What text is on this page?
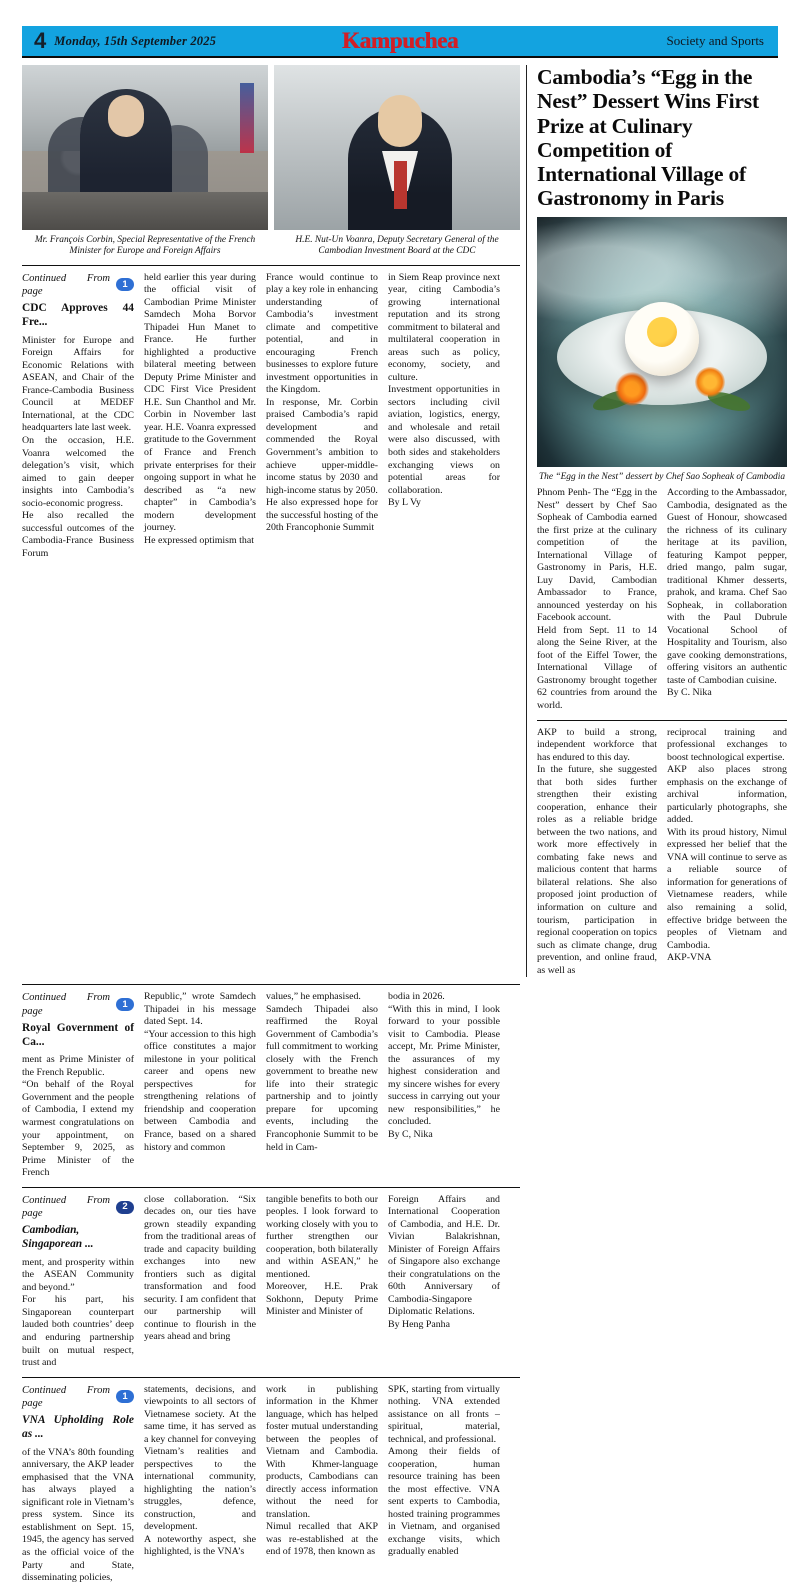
4 Monday, 15th September 2025	Kampuchea	Society and Sports
Mr. François Corbin, Special Representative of the French Minister for Europe and Foreign Affairs
H.E. Nut-Un Voanra, Deputy Secretary General of the Cambodian Investment Board at the CDC
Continued From page
1
CDC Approves 44 Fre...

Minister for Europe and Foreign Affairs for Economic Relations with ASEAN, and Chair of the France-Cambodia Business Council at MEDEF International, at the CDC headquarters late last week.
On the occasion, H.E. Voanra welcomed the delegation’s visit, which aimed to gain deeper insights into Cambodia’s socio-economic progress.
He also recalled the successful outcomes of the Cambodia-France Business Forum

held earlier this year during the official visit of Cambodian Prime Minister Samdech Moha Borvor Thipadei Hun Manet to France. He further highlighted a productive bilateral meeting between Deputy Prime Minister and CDC First Vice President H.E. Sun Chanthol and Mr. Corbin in November last year. H.E. Voanra expressed gratitude to the Government of France and French private enterprises for their ongoing support in what he described as “a new chapter” in Cambodia’s modern development journey.
He expressed optimism that

France would continue to play a key role in enhancing understanding of Cambodia’s investment climate and competitive potential, and in encouraging French businesses to explore future investment opportunities in the Kingdom.
In response, Mr. Corbin praised Cambodia’s rapid development and commended the Royal Government’s ambition to achieve upper-middle-income status by 2030 and high-income status by 2050.
He also expressed hope for the successful hosting of the 20th Francophonie Summit

in Siem Reap province next year, citing Cambodia’s growing international reputation and its strong commitment to bilateral and multilateral cooperation in areas such as policy, economy, society, and culture.
Investment opportunities in sectors including civil aviation, logistics, energy, and wholesale and retail were also discussed, with both sides and stakeholders exchanging views on potential areas for collaboration.
By L Vy

Cambodia’s “Egg in the Nest” Dessert Wins First Prize at Culinary Competition of International Village of Gastronomy in Paris
The “Egg in the Nest” dessert by Chef Sao Sopheak of Cambodia

Phnom Penh- The “Egg in the Nest” dessert by Chef Sao Sopheak of Cambodia earned the first prize at the culinary competition of the International Village of Gastronomy in Paris, H.E. Luy David, Cambodian Ambassador to France, announced yesterday on his Facebook account.
Held from Sept. 11 to 14 along the Seine River, at the foot of the Eiffel Tower, the International Village of Gastronomy brought together 62 countries from around the world.

According to the Ambassador, Cambodia, designated as the Guest of Honour, showcased the richness of its culinary heritage at its pavilion, featuring Kampot pepper, dried mango, palm sugar, traditional Khmer desserts, prahok, and krama. Chef Sao Sopheak, in collaboration with the Paul Dubrule Vocational School of Hospitality and Tourism, also gave cooking demonstrations, offering visitors an authentic taste of Cambodian cuisine.
By C. Nika

AKP to build a strong, independent workforce that has endured to this day.
In the future, she suggested that both sides further strengthen their existing cooperation, enhance their roles as a reliable bridge between the two nations, and work more effectively in combating fake news and malicious content that harms bilateral relations. She also proposed joint production of information on culture and tourism, participation in regional cooperation on topics such as climate change, drug prevention, and online fraud, as well as

reciprocal training and professional exchanges to boost technological expertise.
AKP also places strong emphasis on the exchange of archival information, particularly photographs, she added.
With its proud history, Nimul expressed her belief that the VNA will continue to serve as a reliable source of information for generations of Vietnamese readers, while also remaining a solid, effective bridge between the peoples of Vietnam and Cambodia.
AKP-VNA

Continued From page
1
Royal Government of Ca...

ment as Prime Minister of the French Republic.
“On behalf of the Royal Government and the people of Cambodia, I extend my warmest congratulations on your appointment, on September 9, 2025, as Prime Minister of the French

Republic,” wrote Samdech Thipadei in his message dated Sept. 14.
“Your accession to this high office constitutes a major milestone in your political career and opens new perspectives for strengthening relations of friendship and cooperation between Cambodia and France, based on a shared history and common

values,” he emphasised.
Samdech Thipadei also reaffirmed the Royal Government of Cambodia’s full commitment to working closely with the French government to breathe new life into their strategic partnership and to jointly prepare for upcoming events, including the Francophonie Summit to be held in Cam-

bodia in 2026.
“With this in mind, I look forward to your possible visit to Cambodia. Please accept, Mr. Prime Minister, the assurances of my highest consideration and my sincere wishes for every success in carrying out your new responsibilities,” he concluded.
By C, Nika

Continued From page
2
Cambodian, Singaporean ...

ment, and prosperity within the ASEAN Community and beyond.”
For his part, his Singaporean counterpart lauded both countries’ deep and enduring partnership built on mutual respect, trust and

close collaboration. “Six decades on, our ties have grown steadily expanding from the traditional areas of trade and capacity building exchanges into new frontiers such as digital transformation and food security. I am confident that our partnership will continue to flourish in the years ahead and bring

tangible benefits to both our peoples. I look forward to working closely with you to further strengthen our cooperation, both bilaterally and within ASEAN,” he mentioned.
Moreover, H.E. Prak Sokhonn, Deputy Prime Minister and Minister of

Foreign Affairs and International Cooperation of Cambodia, and H.E. Dr. Vivian Balakrishnan, Minister of Foreign Affairs of Singapore also exchange their congratulations on the 60th Anniversary of Cambodia-Singapore Diplomatic Relations.
By Heng Panha

Continued From page
1
VNA Upholding Role as ...

of the VNA’s 80th founding anniversary, the AKP leader emphasised that the VNA has always played a significant role in Vietnam’s press system. Since its establishment on Sept. 15, 1945, the agency has served as the official voice of the Party and State, disseminating policies,

statements, decisions, and viewpoints to all sectors of Vietnamese society. At the same time, it has served as a key channel for conveying Vietnam’s realities and perspectives to the international community, highlighting the nation’s struggles, defence, construction, and development.
A noteworthy aspect, she highlighted, is the VNA’s

work in publishing information in the Khmer language, which has helped foster mutual understanding between the peoples of Vietnam and Cambodia. With Khmer-language products, Cambodians can directly access information without the need for translation.
Nimul recalled that AKP was re-established at the end of 1978, then known as

SPK, starting from virtually nothing. VNA extended assistance on all fronts – spiritual, material, technical, and professional.
Among their fields of cooperation, human resource training has been the most effective. VNA sent experts to Cambodia, hosted training programmes in Vietnam, and organised exchange visits, which gradually enabled
